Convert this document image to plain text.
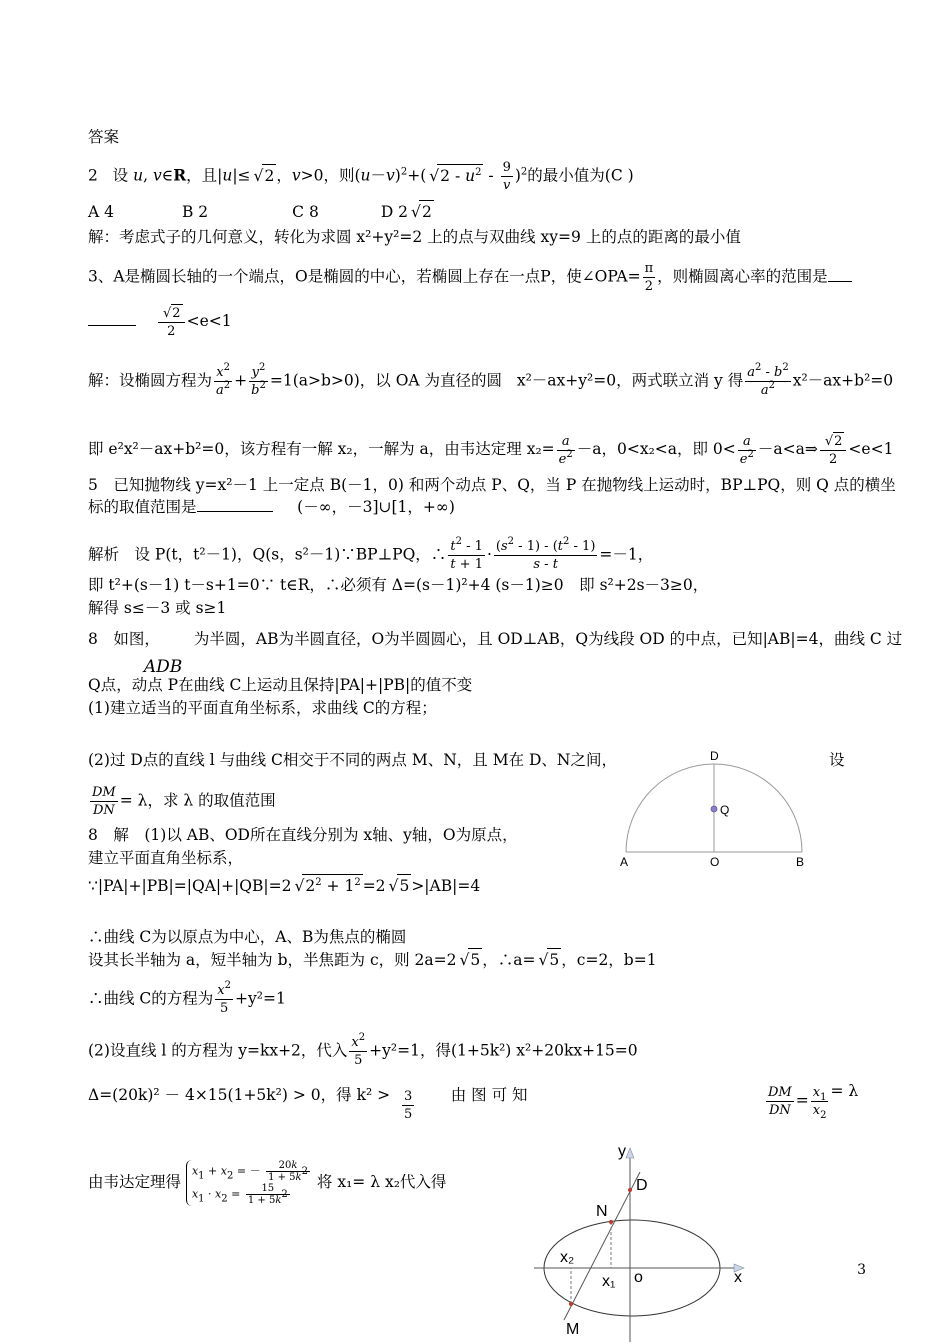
答案
2 设 u, v∈R，且|u|≤√ 2 ，v>0，则$(u-v)^2+(√$ $2 - u^2 - \frac{9}{v} )^2$的最小值为(C )
A 4	B 2	C 8	D 2√ 2
解：考虑式子的几何意义，转化为求圆 x²+y²=2 上的点与双曲线 xy=9 上的点的距离的最小值
3、A是椭圆长轴的一个端点，O是椭圆的中心，若椭圆上存在一点P，使∠OPA= $\frac{\pi}{2}$ ，则椭圆离心率的范围是
√ $\frac{2}{2} <e<1$
解：设椭圆方程为 $\frac{x^2}{a^2} + \frac{y^2}{b^2} =1(a>b>0)$，以 OA 为直径的圆 x²－ax+y²=0，两式联立消 y 得 $\frac{a^2 - b^2}{a^2} x^2-ax+b^2=0$
即 e²x²－ax+b²=0，该方程有一解 x₂，一解为 a，由韦达定理 $x_2= \frac{a}{e^2} -a$，0<x₂<a，即 $0< \frac{a}{e^2}$ －a<a⇒
√ $\frac{2}{2} <e<1$
5　已知抛物线 y=x²－1 上一定点 B(－1，0) 和两个动点 P、Q，当 P 在抛物线上运动时，BP⊥PQ，则 Q 点的横坐
标的取值范围是	(－∞，－3]∪[1，+∞)
解析　设 P(t，t²－1)，Q(s，s²－1)∵BP⊥PQ，∴ $\frac{t^2 - 1}{t + 1} \cdot \frac{(s^2 - 1) - (t^2 - 1)}{s - t} =-1$，
即 t²+(s－1) t－s+1=0∵ t∈R，∴必须有 Δ=(s－1)²+4 (s－1)≥0　即 s²+2s－3≥0，
解得 s≤－3 或 s≥1
8　如图，
ADB
为半圆，AB为半圆直径，O为半圆圆心，且 OD⊥AB，Q为线段 OD 的中点，已知|AB|=4，曲线 C 过
Q点，动点 P在曲线 C上运动且保持|PA|+|PB|的值不变
(1)建立适当的平面直角坐标系，求曲线 C的方程；
(2)过 D点的直线 l 与曲线 C相交于不同的两点 M、N，且 M在 D、N之间，	设
$\frac{DM}{DN} = \lambda$，求 λ 的取值范围
8　解　(1)以 AB、OD所在直线分别为 x轴、y轴，O为原点，
建立平面直角坐标系，
∵|PA|+|PB|=|QA|+|QB|=2√ $2^2 + 1^2 =2√$ 5 >|AB|=4
∴曲线 C为以原点为中心，A、B为焦点的椭圆
设其长半轴为 a，短半轴为 b，半焦距为 c，则 2a=2√ 5 ，∴a=√ 5 ，c=2，b=1
∴曲线 C的方程为 $\frac{x^2}{5} +y^2=1$
(2)设直线 l 的方程为 y=kx+2，代入 $\frac{x^2}{5} +y^2=1$，得(1+5k²) x²+20kx+15=0
Δ=(20k)² － 4×15(1+5k²) > 0，得 $k^2 > \frac{3}{5}$ 由 图 可 知	$\frac{DM}{DN} = \frac{x_1}{x_2} = \lambda$
由韦达定理得 $x_1 + x_2$ = － $\frac{20k}{1 + 5k^2}$

$x_1 \cdot x_2 = \frac{15}{1 + 5k^2}$
将 x₁= λ x₂代入得
D
Q
A	O	B
y
D
N
x₂
x₁ o	x
M
3
